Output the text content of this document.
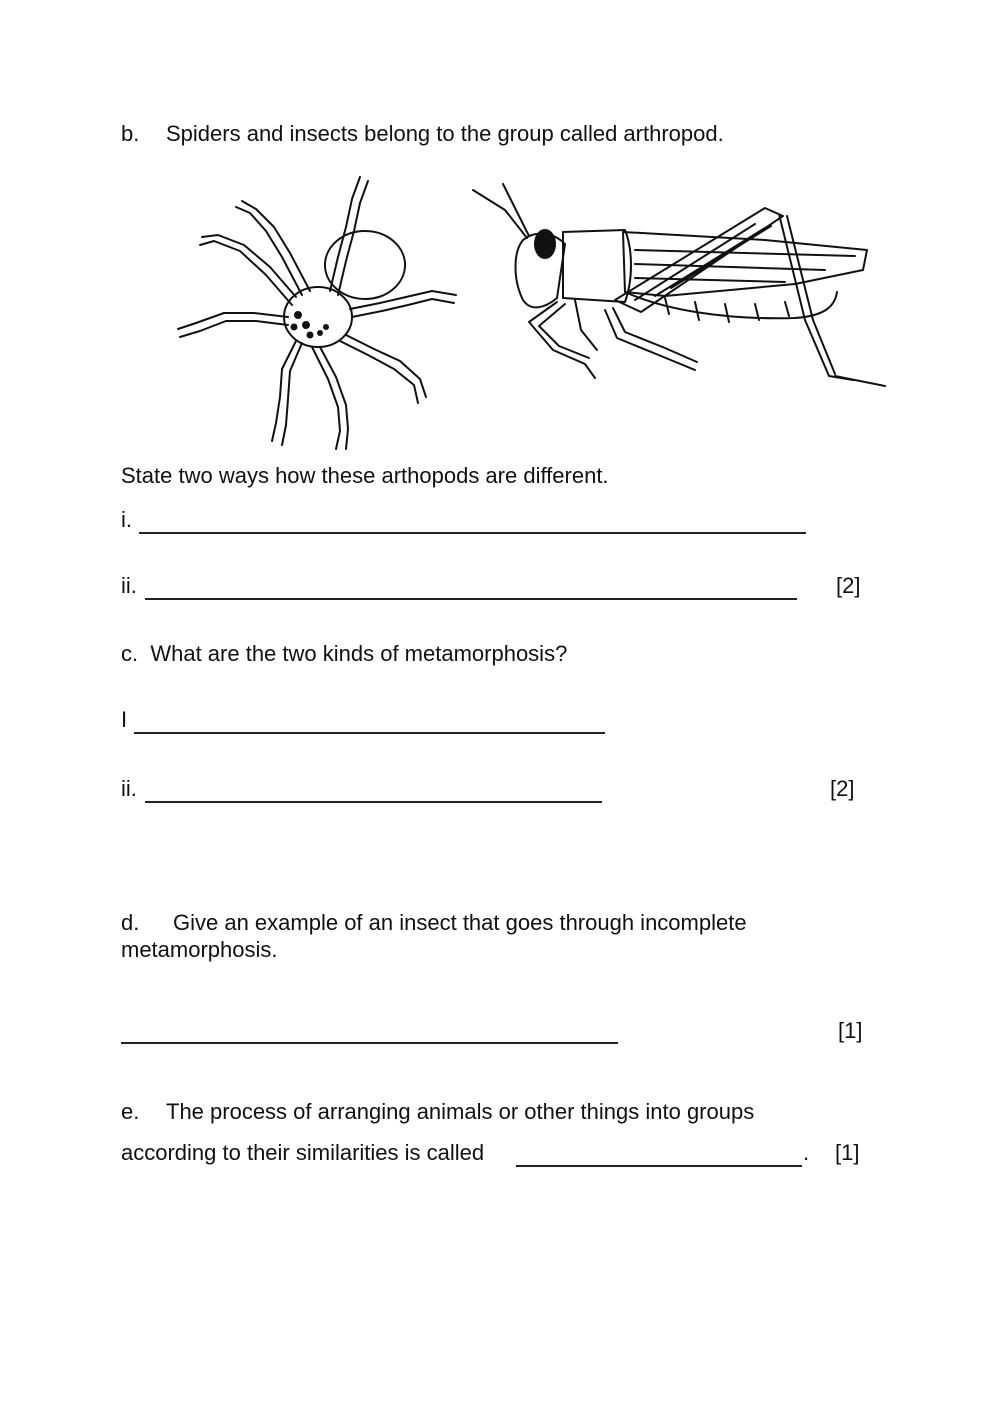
b. Spiders and insects belong to the group called arthropod.
State two ways how these arthopods are different.
i.
ii.	[2]
c.  What are the two kinds of metamorphosis?
I
ii.	[2]
d. Give an example of an insect that goes through incomplete
metamorphosis.
[1]
e. The process of arranging animals or other things into groups
according to their similarities is called	. [1]
